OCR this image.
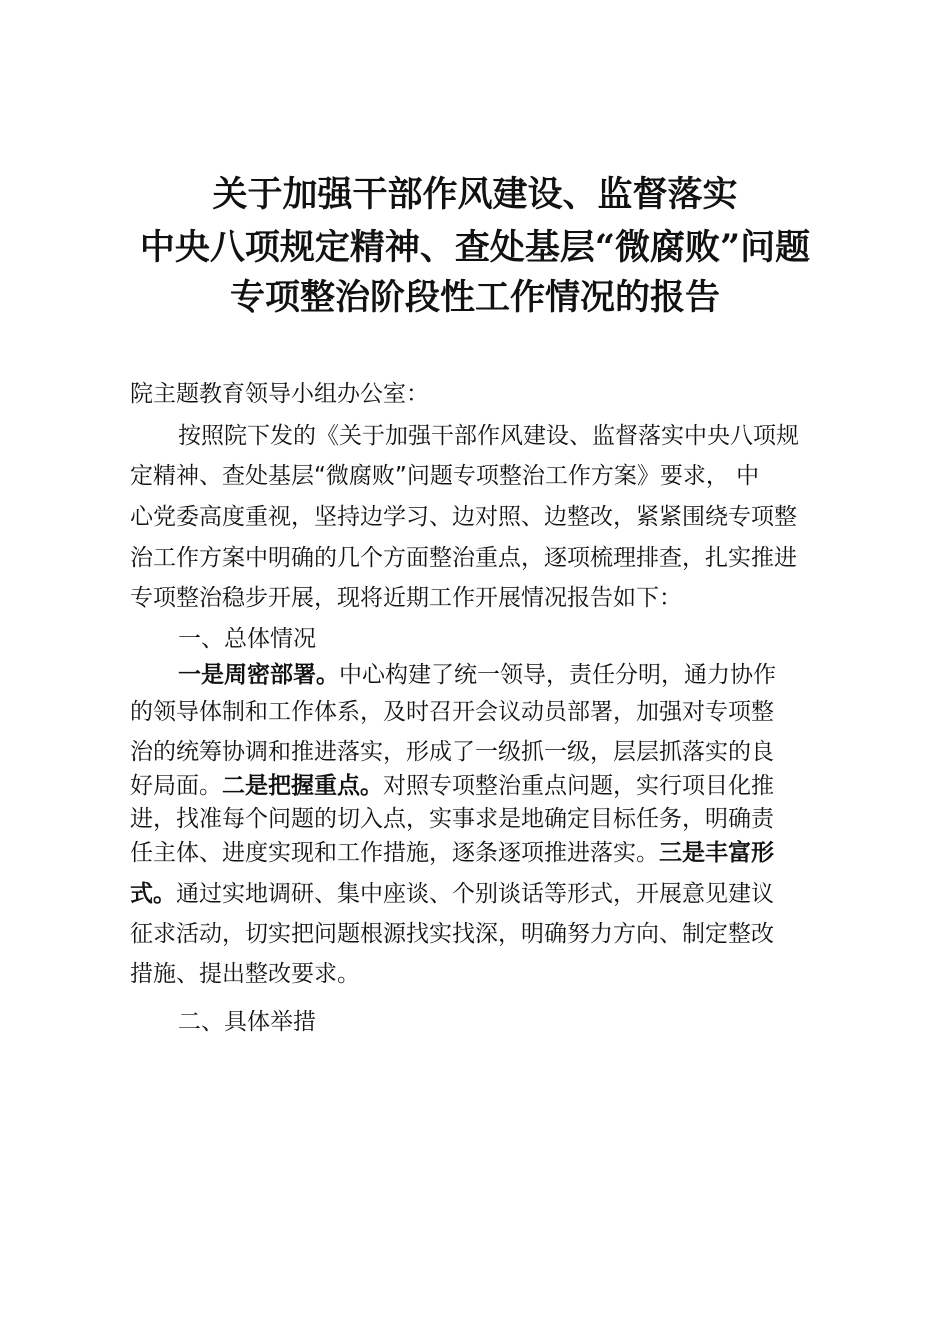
关于加强干部作风建设、监督落实
中央八项规定精神、查处基层“微腐败”问题
专项整治阶段性工作情况的报告
院主题教育领导小组办公室：
按照院下发的《关于加强干部作风建设、监督落实中央八项规
定精神、查处基层“微腐败”问题专项整治工作方案》要求， 中
心党委高度重视，坚持边学习、边对照、边整改，紧紧围绕专项整
治工作方案中明确的几个方面整治重点，逐项梳理排查，扎实推进
专项整治稳步开展，现将近期工作开展情况报告如下：
一、总体情况
一是周密部署。中心构建了统一领导，责任分明，通力协作
的领导体制和工作体系，及时召开会议动员部署，加强对专项整
治的统筹协调和推进落实，形成了一级抓一级，层层抓落实的良
好局面。二是把握重点。对照专项整治重点问题，实行项目化推
进，找准每个问题的切入点，实事求是地确定目标任务，明确责
任主体、进度实现和工作措施，逐条逐项推进落实。三是丰富形
式。通过实地调研、集中座谈、个别谈话等形式，开展意见建议
征求活动，切实把问题根源找实找深，明确努力方向、制定整改
措施、提出整改要求。
二、具体举措
